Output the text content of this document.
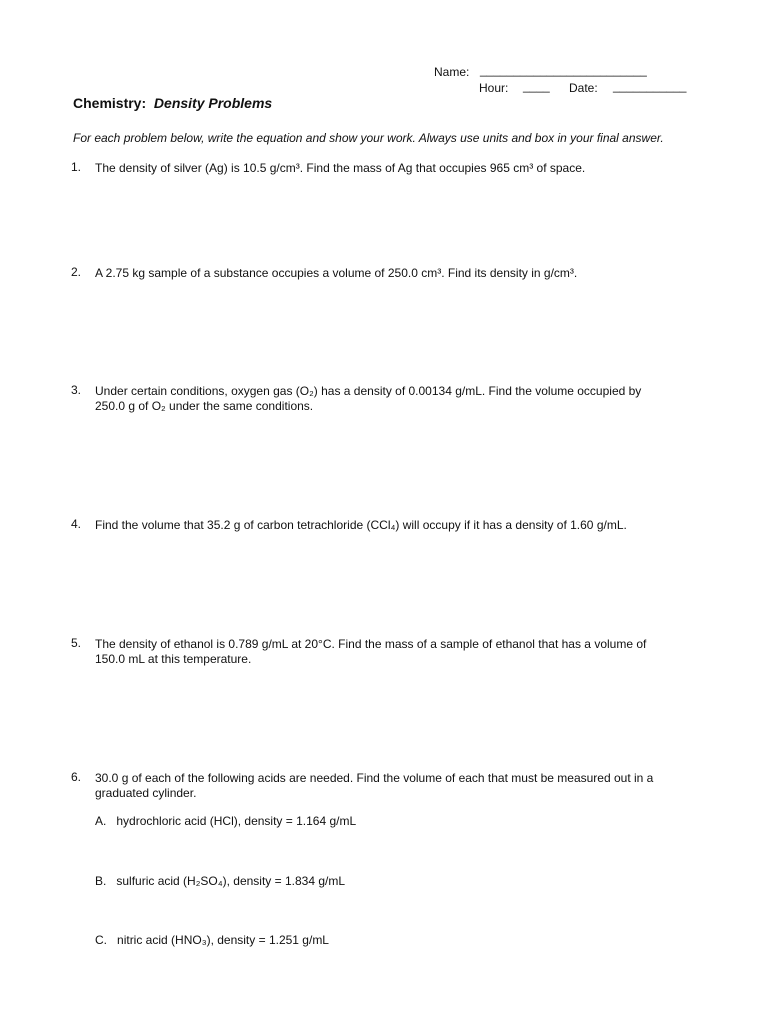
Name: _________________________
Hour: ____ Date: ___________
Chemistry: Density Problems
For each problem below, write the equation and show your work. Always use units and box in your final answer.
1. The density of silver (Ag) is 10.5 g/cm³. Find the mass of Ag that occupies 965 cm³ of space.
2. A 2.75 kg sample of a substance occupies a volume of 250.0 cm³. Find its density in g/cm³.
3. Under certain conditions, oxygen gas (O₂) has a density of 0.00134 g/mL. Find the volume occupied by
250.0 g of O₂ under the same conditions.
4. Find the volume that 35.2 g of carbon tetrachloride (CCl₄) will occupy if it has a density of 1.60 g/mL.
5. The density of ethanol is 0.789 g/mL at 20°C. Find the mass of a sample of ethanol that has a volume of
150.0 mL at this temperature.
6. 30.0 g of each of the following acids are needed. Find the volume of each that must be measured out in a
graduated cylinder.
A. hydrochloric acid (HCl), density = 1.164 g/mL
B. sulfuric acid (H₂SO₄), density = 1.834 g/mL
C. nitric acid (HNO₃), density = 1.251 g/mL
